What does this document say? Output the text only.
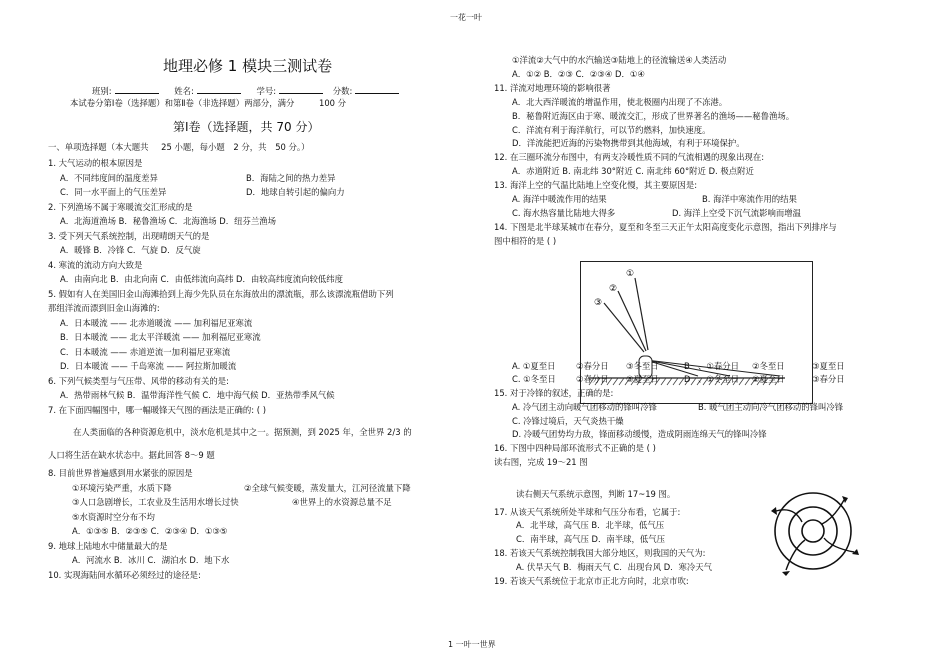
一花一叶
1 一叶一世界
地理必修 1 模块三测试卷
班别:	姓名:	学号:	分数:
本试卷分第Ⅰ卷（选择题）和第Ⅱ卷（非选择题）两部分，满分	100 分
第Ⅰ卷（选择题，共 70 分）
一、单项选择题（本大题共 25 小题，每小题 2 分，共 50 分。）
1. 大气运动的根本原因是
A．不同纬度间的温度差异	B．海陆之间的热力差异
C．同一水平面上的气压差异	D．地球自转引起的偏向力
2. 下列渔场不属于寒暖流交汇形成的是
A．北海道渔场 B．秘鲁渔场 C．北海渔场 D．纽芬兰渔场
3. 受下列天气系统控制，出现晴朗天气的是
A．暖锋 B．冷锋 C．气旋 D．反气旋
4. 寒流的流动方向大致是
A．由南向北 B．由北向南 C．由低纬流向高纬 D．由较高纬度流向较低纬度
5. 假如有人在美国旧金山海滩拾到上海少先队员在东海放出的漂流瓶，那么该漂流瓶借助下列
那组洋流而漂到旧金山海滩的:
A．日本暖流 —— 北赤道暖流 —— 加利福尼亚寒流
B．日本暖流 —— 北太平洋暖流 —— 加利福尼亚寒流
C．日本暖流 —— 赤道逆流一加利福尼亚寒流
D．日本暖流 —— 千岛寒流 —— 阿拉斯加暖流
6. 下列气候类型与气压带、风带的移动有关的是:
A．热带雨林气候 B．温带海洋性气候 C．地中海气候 D．亚热带季风气候
7. 在下面四幅图中，哪一幅暖锋天气图的画法是正确的: ( )
在人类面临的各种资源危机中，淡水危机是其中之一。据预测，到 2025 年，全世界 2/3 的
人口将生活在缺水状态中。据此回答 8～9 题
8. 目前世界普遍感到用水紧张的原因是
①环境污染严重，水质下降	②全球气候变暖，蒸发量大，江河径流量下降
③人口急剧增长，工农业及生活用水增长过快	④世界上的水资源总量不足
⑤水资源时空分布不均
A．①③⑤ B．②③⑤ C．②③④ D．①③⑤
9. 地球上陆地水中储量最大的是
A．河流水 B．冰川 C．湖泊水 D．地下水
10. 实现海陆间水循环必须经过的途径是:
①洋流②大气中的水汽输送③陆地上的径流输送④人类活动
A．①② B．②③ C．②③④ D．①④
11. 洋流对地理环境的影响很著
A．北大西洋暖流的增温作用，使北极圈内出现了不冻港。
B．秘鲁附近海区由于寒、暖流交汇，形成了世界著名的渔场——秘鲁渔场。
C．洋流有利于海洋航行，可以节约燃料，加快速度。
D．洋流能把近海的污染物携带到其他海域，有利于环境保护。
12. 在三圈环流分布图中，有两支冷暖性质不同的气流相遇的现象出现在:
A．赤道附近 B. 南北纬 30°附近 C. 南北纬 60°附近 D. 极点附近
13. 海洋上空的气温比陆地上空变化慢，其主要原因是:
A. 海洋中暖流作用的结果	B. 海洋中寒流作用的结果
C. 海水热容量比陆地大得多	D. 海洋上空受下沉气流影响而增温
14. 下图是北半球某城市在春分，夏至和冬至三天正午太阳高度变化示意图，指出下列排序与
图中相符的是 ( )
①
②
③
A. ①夏至日 ②春分日 ③冬至日	B 、①春分日 ②冬至日	③夏至日
C. ①冬至日 ②春分日 ③夏至日	D 、①冬至日 ②夏至日	③春分日
15. 对于冷锋的叙述，正确的是:
A. 冷气团主动向暖气团移动的锋叫冷锋	B. 暖气团主动向冷气团移动的锋叫冷锋
C. 冷锋过境后，天气炎热干燥
D. 冷暖气团势均力敌，锋面移动缓慢，造成阴雨连绵天气的锋叫冷锋
16. 下图中四种局部环流形式不正确的是 ( )
读右图，完成 19～21 图
读右侧天气系统示意图，判断 17~19 图。
17. 从该天气系统所处半球和气压分布看，它属于:
A．北半球，高气压 B．北半球，低气压
C．南半球，高气压 D．南半球，低气压
18. 若该天气系统控制我国大部分地区，则我国的天气为:
A. 伏旱天气 B．梅雨天气 C．出现台风 D．寒冷天气
19. 若该天气系统位于北京市正北方向时，北京市吹:
